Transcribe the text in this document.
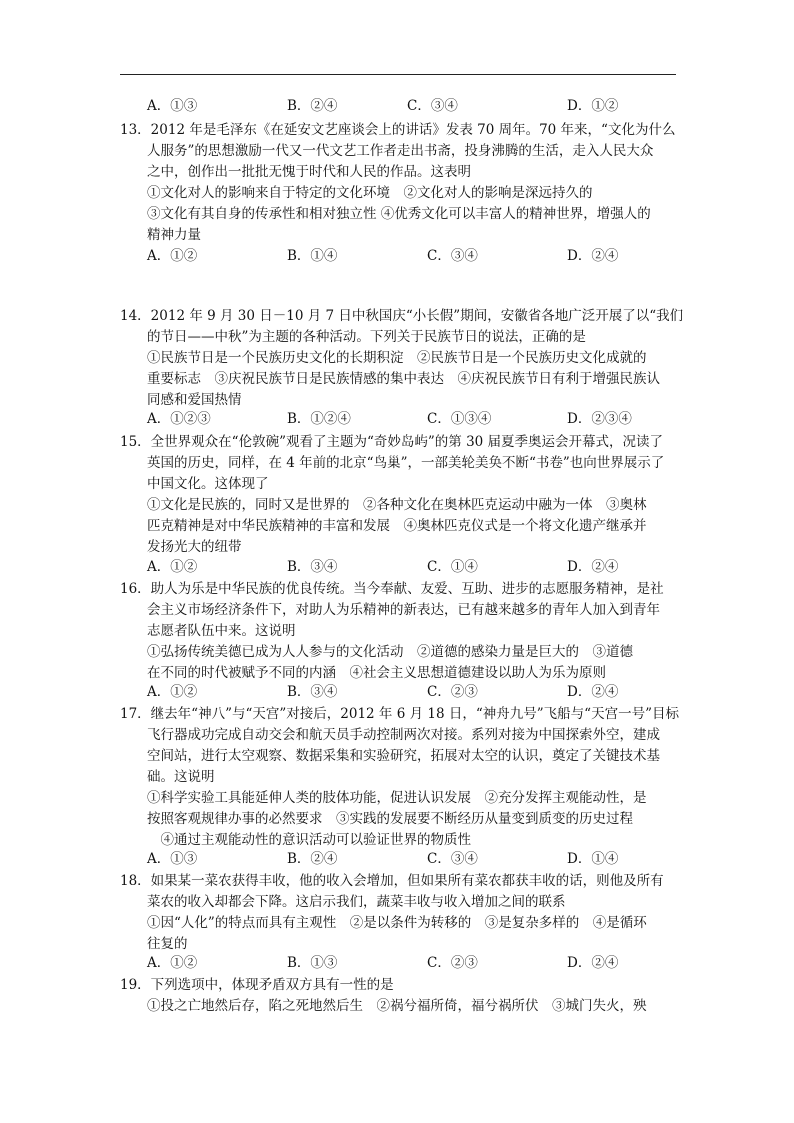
A．①③	B．②④	C．③④	D．①②
13．2012 年是毛泽东《在延安文艺座谈会上的讲话》发表 70 周年。70 年来，“文化为什么
人服务”的思想激励一代又一代文艺工作者走出书斋，投身沸腾的生活，走入人民大众
之中，创作出一批批无愧于时代和人民的作品。这表明
①文化对人的影响来自于特定的文化环境　②文化对人的影响是深远持久的
③文化有其自身的传承性和相对独立性 ④优秀文化可以丰富人的精神世界，增强人的
精神力量
A．①②	B．①④	C．③④	D．②④
14．2012 年 9 月 30 日－10 月 7 日中秋国庆“小长假”期间，安徽省各地广泛开展了以“我们
的节日——中秋”为主题的各种活动。下列关于民族节日的说法，正确的是
①民族节日是一个民族历史文化的长期积淀　②民族节日是一个民族历史文化成就的
重要标志　③庆祝民族节日是民族情感的集中表达　④庆祝民族节日有利于增强民族认
同感和爱国热情
A．①②③	B．①②④	C．①③④	D．②③④
15．全世界观众在“伦敦碗”观看了主题为“奇妙岛屿”的第 30 届夏季奥运会开幕式，况读了
英国的历史，同样，在 4 年前的北京“鸟巢”，一部美轮美奂不断“书卷”也向世界展示了
中国文化。这体现了
①文化是民族的，同时又是世界的　②各种文化在奥林匹克运动中融为一体　③奥林
匹克精神是对中华民族精神的丰富和发展　④奥林匹克仪式是一个将文化遗产继承并
发扬光大的纽带
A．①②	B．③④	C．①④	D．②④
16．助人为乐是中华民族的优良传统。当今奉献、友爱、互助、进步的志愿服务精神，是社
会主义市场经济条件下，对助人为乐精神的新表达，已有越来越多的青年人加入到青年
志愿者队伍中来。这说明
①弘扬传统美德已成为人人参与的文化活动　②道德的感染力量是巨大的　③道德
在不同的时代被赋予不同的内涵　④社会主义思想道德建设以助人为乐为原则
A．①②	B．③④	C．②③	D．②④
17．继去年“神八”与“天宫”对接后，2012 年 6 月 18 日，“神舟九号”飞船与“天宫一号”目标
飞行器成功完成自动交会和航天员手动控制两次对接。系列对接为中国探索外空，建成
空间站，进行太空观察、数据采集和实验研究，拓展对太空的认识，奠定了关键技术基
础。这说明
①科学实验工具能延伸人类的肢体功能，促进认识发展　②充分发挥主观能动性，是
按照客观规律办事的必然要求　③实践的发展要不断经历从量变到质变的历史过程
　④通过主观能动性的意识活动可以验证世界的物质性
A．①③	B．②④	C．③④	D．①④
18．如果某一菜农获得丰收，他的收入会增加，但如果所有菜农都获丰收的话，则他及所有
菜农的收入却都会下降。这启示我们，蔬菜丰收与收入增加之间的联系
①因“人化”的特点而具有主观性　②是以条件为转移的　③是复杂多样的　④是循环
往复的
A．①②	B．①③	C．②③	D．②④
19．下列选项中，体现矛盾双方具有一性的是
①投之亡地然后存，陷之死地然后生　②祸兮福所倚，福兮祸所伏　③城门失火，殃
